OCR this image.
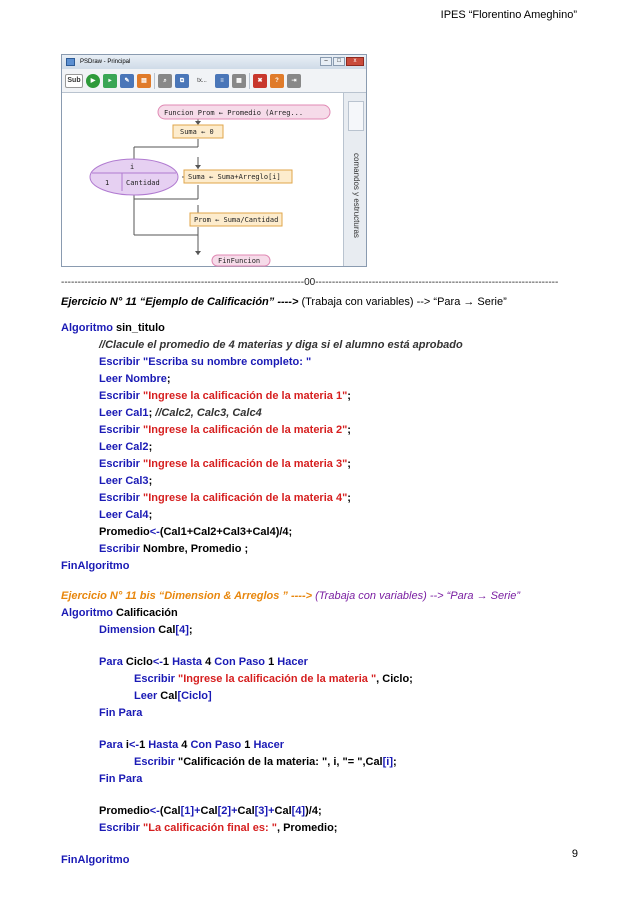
IPES “Florentino Ameghino”
PSDraw - Principal	–	□	x
Sub	▶	▸	✎	▤	⌕	⧉	tx...	≡	▦	✖	?	⇥
Funcion Prom ← Promedio (Arreg...
Suma ← 0
i
1 Cantidad
Suma ← Suma+Arreglo[i]
Prom ← Suma/Cantidad
FinFuncion
comandos y estructuras
-------------------------------------------------------------------------00-------------------------------------------------------------------------
Ejercicio N° 11 “Ejemplo de Calificación” ----> (Trabaja con variables) --> “Para → Serie”
Algoritmo sin_titulo
//Clacule el promedio de 4 materias y diga si el alumno está aprobado
Escribir "Escriba su nombre completo: "
Leer Nombre;
Escribir "Ingrese la calificación de la materia 1";
Leer Cal1; //Calc2, Calc3, Calc4
Escribir "Ingrese la calificación de la materia 2";
Leer Cal2;
Escribir "Ingrese la calificación de la materia 3";
Leer Cal3;
Escribir "Ingrese la calificación de la materia 4";
Leer Cal4;
Promedio<-(Cal1+Cal2+Cal3+Cal4)/4;
Escribir Nombre, Promedio ;
FinAlgoritmo
Ejercicio N° 11 bis “Dimension & Arreglos ” ----> (Trabaja con variables) --> “Para → Serie”
Algoritmo Calificación
Dimension Cal[4];
Para Ciclo<-1 Hasta 4 Con Paso 1 Hacer
Escribir "Ingrese la calificación de la materia ", Ciclo;
Leer Cal[Ciclo]
Fin Para
Para i<-1 Hasta 4 Con Paso 1 Hacer
Escribir "Calificación de la materia: ", i, "= ",Cal[i];
Fin Para
Promedio<-(Cal[1]+Cal[2]+Cal[3]+Cal[4])/4;
Escribir "La calificación final es: ", Promedio;
FinAlgoritmo	9
